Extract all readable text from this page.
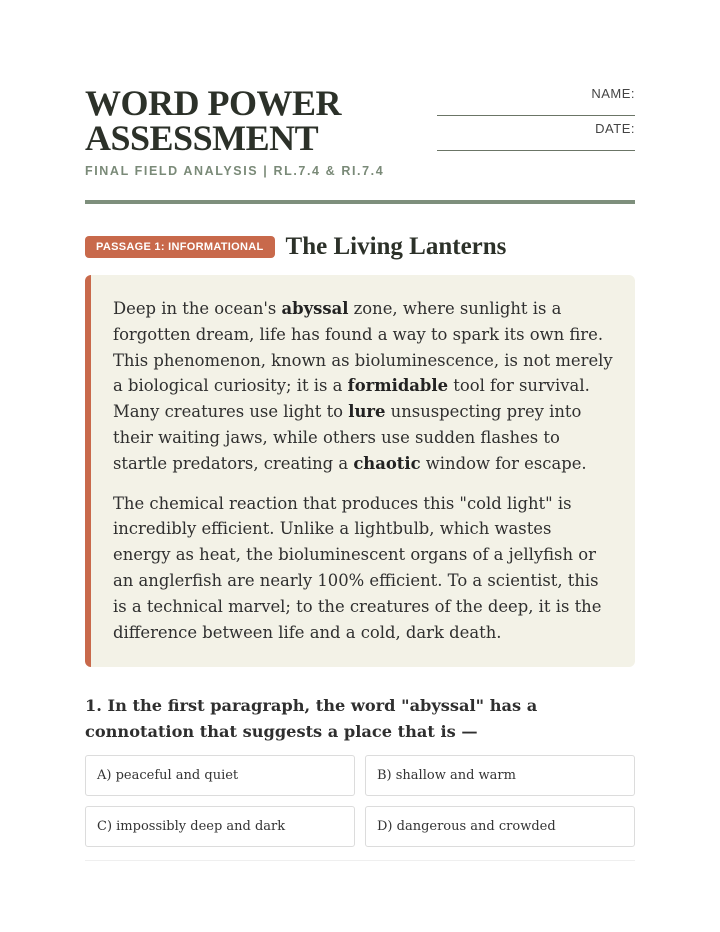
WORD POWER
ASSESSMENT
FINAL FIELD ANALYSIS | RL.7.4 & RI.7.4
NAME:
DATE:
PASSAGE 1: INFORMATIONAL The Living Lanterns

Deep in the ocean's abyssal zone, where sunlight is a forgotten dream, life has found a way to spark its own fire. This phenomenon, known as bioluminescence, is not merely a biological curiosity; it is a formidable tool for survival. Many creatures use light to lure unsuspecting prey into their waiting jaws, while others use sudden flashes to startle predators, creating a chaotic window for escape.

The chemical reaction that produces this "cold light" is incredibly efficient. Unlike a lightbulb, which wastes energy as heat, the bioluminescent organs of a jellyfish or an anglerfish are nearly 100% efficient. To a scientist, this is a technical marvel; to the creatures of the deep, it is the difference between life and a cold, dark death.

1. In the first paragraph, the word "abyssal" has a connotation that suggests a place that is —
A) peaceful and quiet	B) shallow and warm
C) impossibly deep and dark	D) dangerous and crowded
